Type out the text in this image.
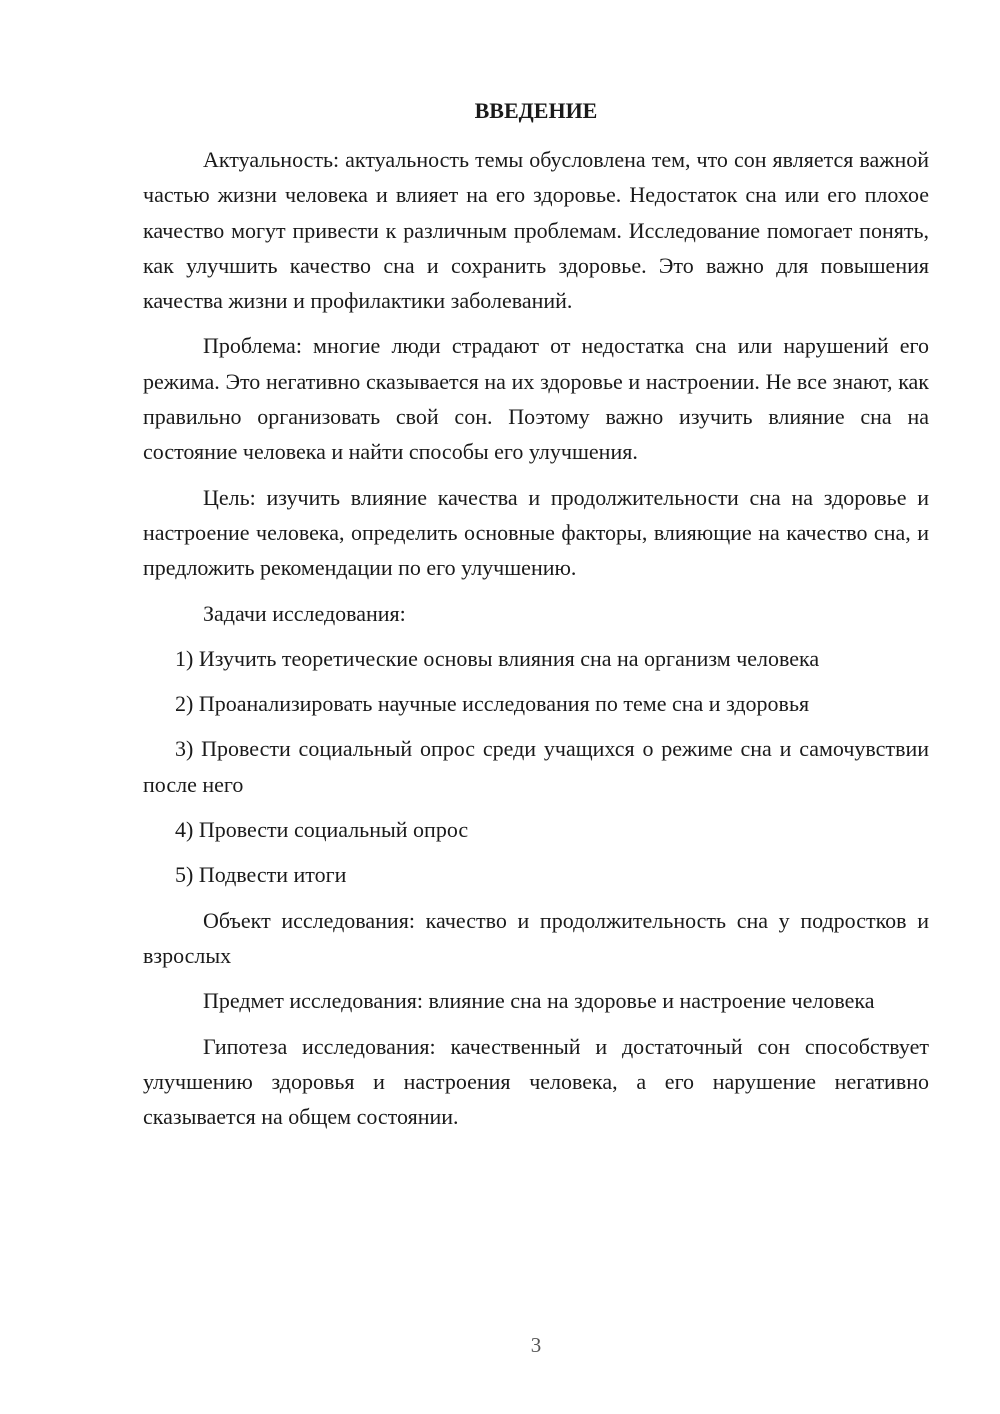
ВВЕДЕНИЕ

Актуальность: актуальность темы обусловлена тем, что сон является важной частью жизни человека и влияет на его здоровье. Недостаток сна или его плохое качество могут привести к различным проблемам. Исследование помогает понять, как улучшить качество сна и сохранить здоровье. Это важно для повышения качества жизни и профилактики заболеваний.

Проблема: многие люди страдают от недостатка сна или нарушений его режима. Это негативно сказывается на их здоровье и настроении. Не все знают, как правильно организовать свой сон. Поэтому важно изучить влияние сна на состояние человека и найти способы его улучшения.

Цель: изучить влияние качества и продолжительности сна на здоровье и настроение человека, определить основные факторы, влияющие на качество сна, и предложить рекомендации по его улучшению.

Задачи исследования:

1) Изучить теоретические основы влияния сна на организм человека

2) Проанализировать научные исследования по теме сна и здоровья

3) Провести социальный опрос среди учащихся о режиме сна и самочувствии после него

4) Провести социальный опрос

5) Подвести итоги

Объект исследования: качество и продолжительность сна у подростков и взрослых

Предмет исследования: влияние сна на здоровье и настроение человека

Гипотеза исследования: качественный и достаточный сон способствует улучшению здоровья и настроения человека, а его нарушение негативно сказывается на общем состоянии.

3
